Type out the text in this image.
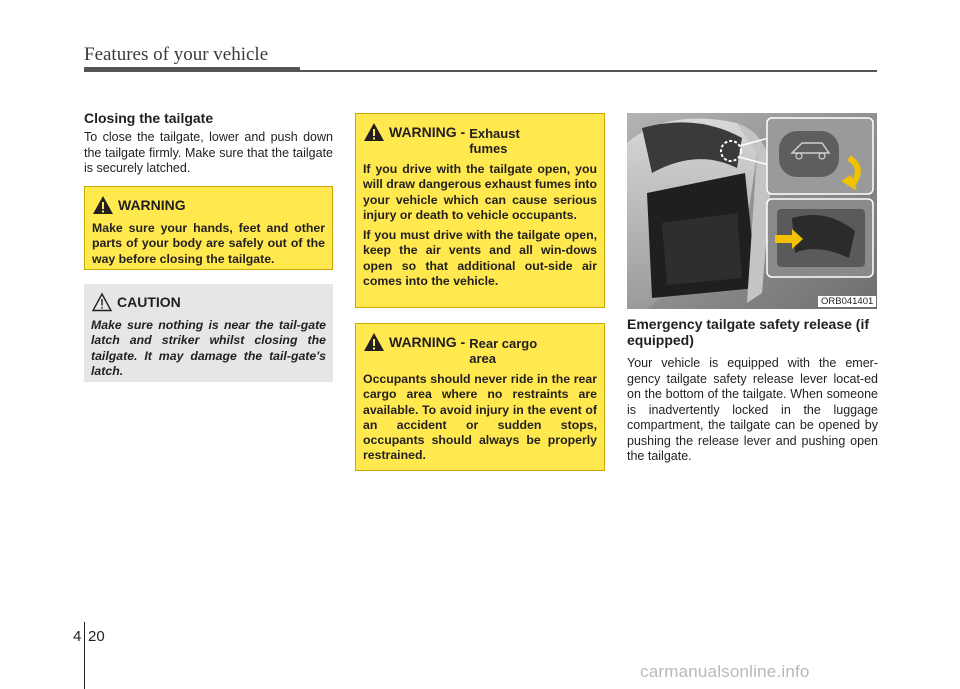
Features of your vehicle
Closing the tailgate

To close the tailgate, lower and push down the tailgate firmly. Make sure that the tailgate is securely latched.

WARNING

Make sure your hands, feet and other parts of your body are safely out of the way before closing the tailgate.

CAUTION

Make sure nothing is near the tail-gate latch and striker whilst closing the tailgate. It may damage the tail-gate's latch.

WARNING - Exhaust fumes

If you drive with the tailgate open, you will draw dangerous exhaust fumes into your vehicle which can cause serious injury or death to vehicle occupants.

If you must drive with the tailgate open, keep the air vents and all win-dows open so that additional out-side air comes into the vehicle.

WARNING - Rear cargo area

Occupants should never ride in the rear cargo area where no restraints are available. To avoid injury in the event of an accident or sudden stops, occupants should always be properly restrained.

ORB041401
Emergency tailgate safety release (if equipped)

Your vehicle is equipped with the emer-gency tailgate safety release lever locat-ed on the bottom of the tailgate. When someone is inadvertently locked in the luggage compartment, the tailgate can be opened by pushing the release lever and pushing open the tailgate.

4 20
carmanualsonline.info
